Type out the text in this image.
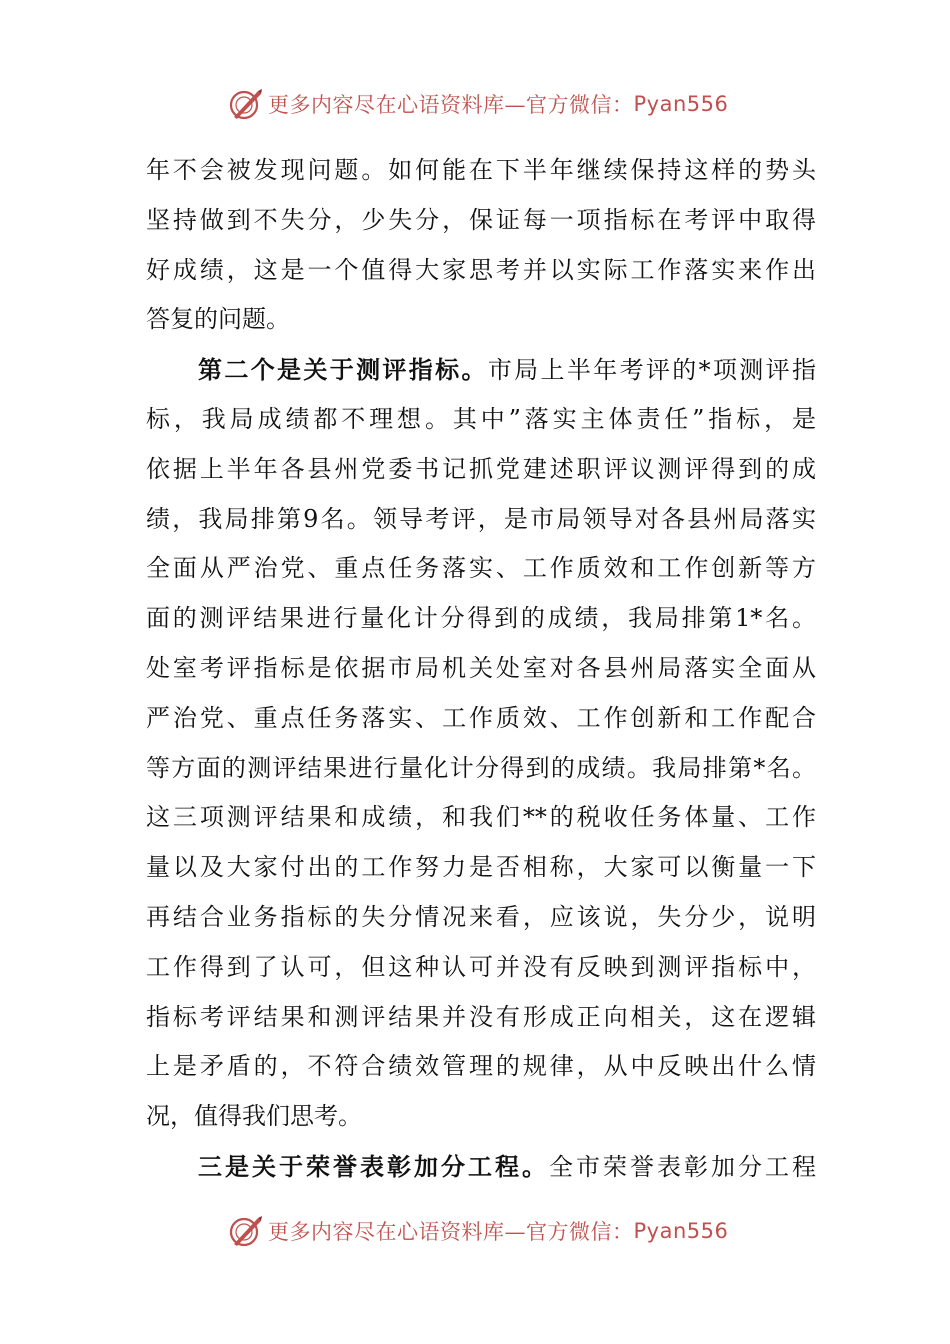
更多内容尽在心语资料库—官方微信： Pyan556
年不会被发现问题。如何能在下半年继续保持这样的势头
坚持做到不失分，少失分，保证每一项指标在考评中取得
好成绩，这是一个值得大家思考并以实际工作落实来作出
答复的问题。
第二个是关于测评指标。市局上半年考评的*项测评指
标，我局成绩都不理想。其中”落实主体责任”指标，是
依据上半年各县州党委书记抓党建述职评议测评得到的成
绩，我局排第9名。领导考评，是市局领导对各县州局落实
全面从严治党、重点任务落实、工作质效和工作创新等方
面的测评结果进行量化计分得到的成绩，我局排第1*名。
处室考评指标是依据市局机关处室对各县州局落实全面从
严治党、重点任务落实、工作质效、工作创新和工作配合
等方面的测评结果进行量化计分得到的成绩。我局排第*名。
这三项测评结果和成绩，和我们**的税收任务体量、工作
量以及大家付出的工作努力是否相称，大家可以衡量一下
再结合业务指标的失分情况来看，应该说，失分少，说明
工作得到了认可，但这种认可并没有反映到测评指标中，
指标考评结果和测评结果并没有形成正向相关，这在逻辑
上是矛盾的，不符合绩效管理的规律，从中反映出什么情
况，值得我们思考。
三是关于荣誉表彰加分工程。全市荣誉表彰加分工程
更多内容尽在心语资料库—官方微信： Pyan556
